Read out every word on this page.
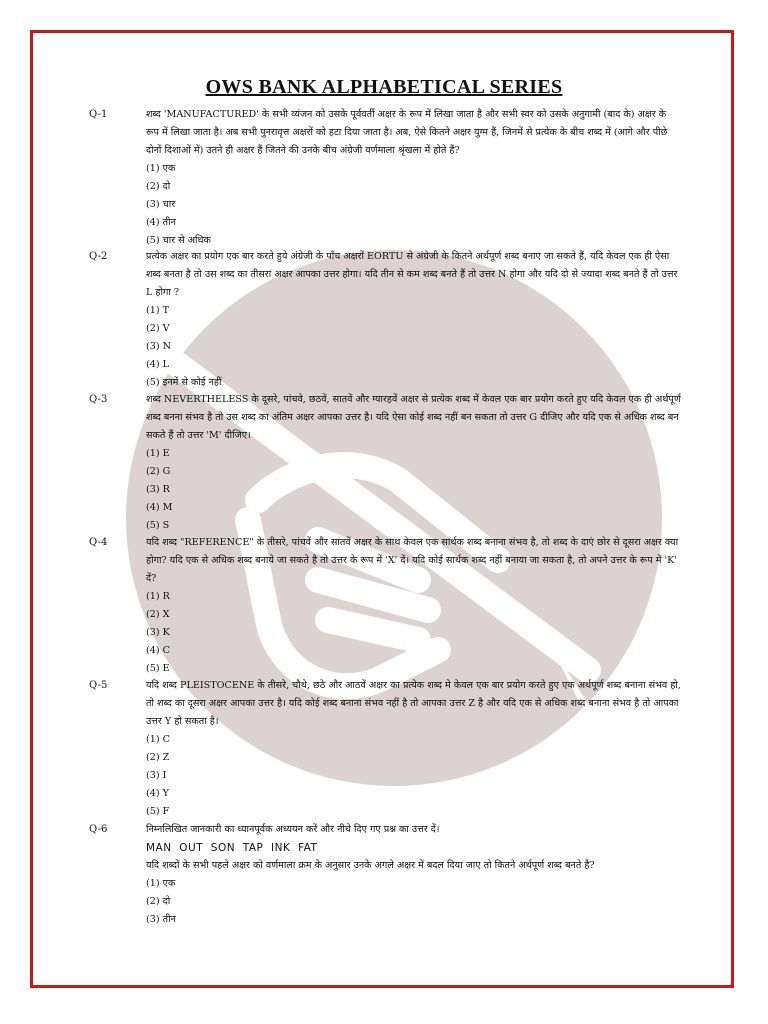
OWS BANK ALPHABETICAL SERIES
Q-1	शब्द 'MANUFACTURED' के सभी व्यंजन को उसके पूर्ववर्ती अक्षर के रूप में लिखा जाता है और सभी स्वर को उसके अनुगामी (बाद के) अक्षर के रूप में लिखा जाता है। अब सभी पुनरावृत्त अक्षरों को हटा दिया जाता है। अब, ऐसे कितने अक्षर युग्म हैं, जिनमें से प्रत्येक के बीच शब्द में (आगे और पीछे दोनों दिशाओं में) उतने ही अक्षर हैं जितने की उनके बीच अंग्रेजी वर्णमाला श्रृंखला में होते हैं?

(1) एक
(2) दो
(3) चार
(4) तीन
(5) चार से अधिक
Q-2	प्रत्येक अक्षर का प्रयोग एक बार करते हुये अंग्रेजी के पाँच अक्षरों EORTU से अंग्रेजी के कितने अर्थपूर्ण शब्द बनाए जा सकते हैं, यदि केवल एक ही ऐसा शब्द बनता है तो उस शब्द का तीसरा अक्षर आपका उत्तर होगा। यदि तीन से कम शब्द बनते हैं तो उत्तर N होगा और यदि दो से ज्यादा शब्द बनते हैं तो उत्तर L होगा ?

(1) T
(2) V
(3) N
(4) L
(5) इनमें से कोई नहीं
Q-3	शब्द NEVERTHELESS के दूसरे, पांचवे, छठवें, सातवें और ग्यारहवें अक्षर से प्रत्येक शब्द में केवल एक बार प्रयोग करते हुए यदि केवल एक ही अर्थपूर्ण शब्द बनना संभव है तो उस शब्द का अंतिम अक्षर आपका उत्तर है। यदि ऐसा कोई शब्द नहीं बन सकता तो उत्तर G दीजिए और यदि एक से अधिक शब्द बन सकते हैं तो उत्तर 'M' दीजिए।

(1) E
(2) G
(3) R
(4) M
(5) S
Q-4	यदि शब्द "REFERENCE" के तीसरे, पांचवें और सातवें अक्षर के साथ केवल एक सार्थक शब्द बनाना संभव है, तो शब्द के दाएं छोर से दूसरा अक्षर क्या होगा? यदि एक से अधिक शब्द बनाये जा सकते है तो उत्तर के रूप में 'X' दें। यदि कोई सार्थक शब्द नहीं बनाया जा सकता है, तो अपने उत्तर के रूप में 'K' दें?

(1) R
(2) X
(3) K
(4) C
(5) E
Q-5	यदि शब्द PLEISTOCENE के तीसरे, चौथे, छठे और आठवें अक्षर का प्रत्येक शब्द मे केवल एक बार प्रयोग करते हुए एक अर्थपूर्ण शब्द बनाना संभव हो, तो शब्द का दूसरा अक्षर आपका उत्तर है। यदि कोई शब्द बनाना संभव नहीं है तो आपका उत्तर Z है और यदि एक से अधिक शब्द बनाना संभव है तो आपका उत्तर Y हो सकता है।

(1) C
(2) Z
(3) I
(4) Y
(5) F
Q-6	निम्नलिखित जानकारी का ध्यानपूर्वक अध्ययन करें और नीचे दिए गए प्रश्न का उत्तर दें।

MAN  OUT  SON  TAP  INK  FAT

यदि शब्दों के सभी पहले अक्षर को वर्णमाला क्रम के अनुसार उनके अगले अक्षर में बदल दिया जाए तो कितने अर्थपूर्ण शब्द बनते है?

(1) एक
(2) दो
(3) तीन
